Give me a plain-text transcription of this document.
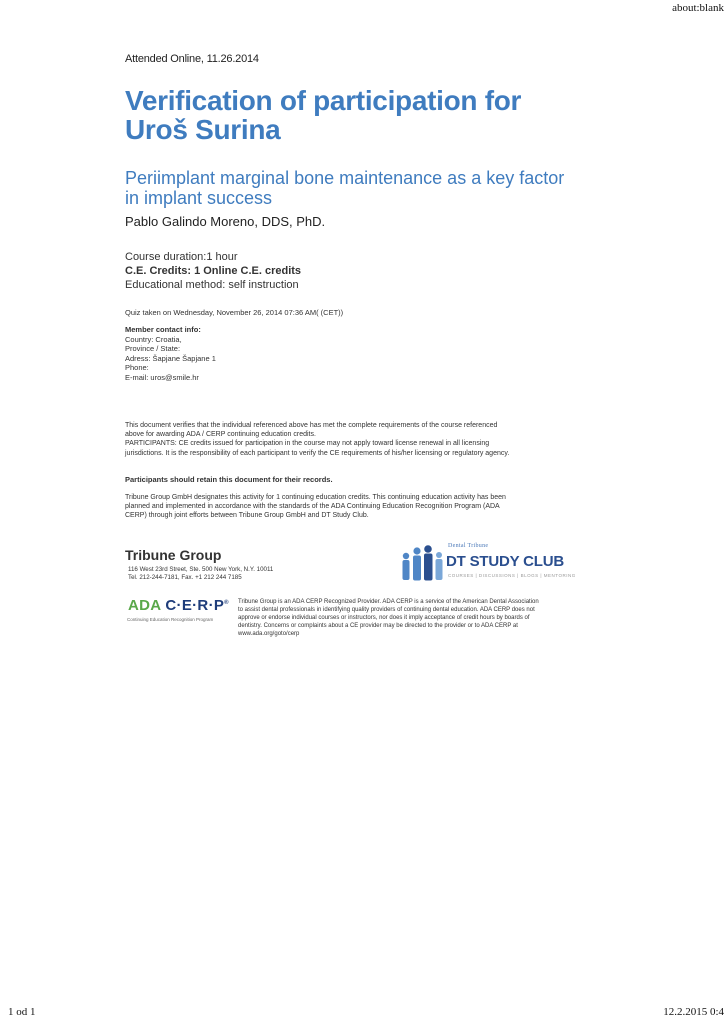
about:blank
Attended Online, 11.26.2014
Verification of participation for
Uroš Surina
Periimplant marginal bone maintenance as a key factor
in implant success
Pablo Galindo Moreno, DDS, PhD.
Course duration:1 hour
C.E. Credits: 1 Online C.E. credits
Educational method: self instruction
Quiz taken on Wednesday, November 26, 2014 07:36 AM( (CET))
Member contact info:
Country: Croatia,
Province / State:
Adress: Šapjane Šapjane 1
Phone:
E-mail: uros@smile.hr
This document verifies that the individual referenced above has met the complete requirements of the course referenced
above for awarding ADA / CERP continuing education credits.
PARTICIPANTS: CE credits issued for participation in the course may not apply toward license renewal in all licensing
jurisdictions. It is the responsibility of each participant to verify the CE requirements of his/her licensing or regulatory agency.
Participants should retain this document for their records.
Tribune Group GmbH designates this activity for 1 continuing education credits. This continuing education activity has been
planned and implemented in accordance with the standards of the ADA Continuing Education Recognition Program (ADA
CERP) through joint efforts between Tribune Group GmbH and DT Study Club.
Tribune Group
116 West 23rd Street, Ste. 500 New York, N.Y. 10011
Tel. 212-244-7181, Fax. +1 212 244 7185
Dental Tribune
DT STUDY CLUB
COURSES | DISCUSSIONS | BLOGS | MENTORING
ADA C·E·R·P®
Continuing Education Recognition Program
Tribune Group is an ADA CERP Recognized Provider. ADA CERP is a service of the American Dental Association
to assist dental professionals in identifying quality providers of continuing dental education. ADA CERP does not
approve or endorse individual courses or instructors, nor does it imply acceptance of credit hours by boards of
dentistry. Concerns or complaints about a CE provider may be directed to the provider or to ADA CERP at
www.ada.org/goto/cerp
1 od 1	12.2.2015 0:4
